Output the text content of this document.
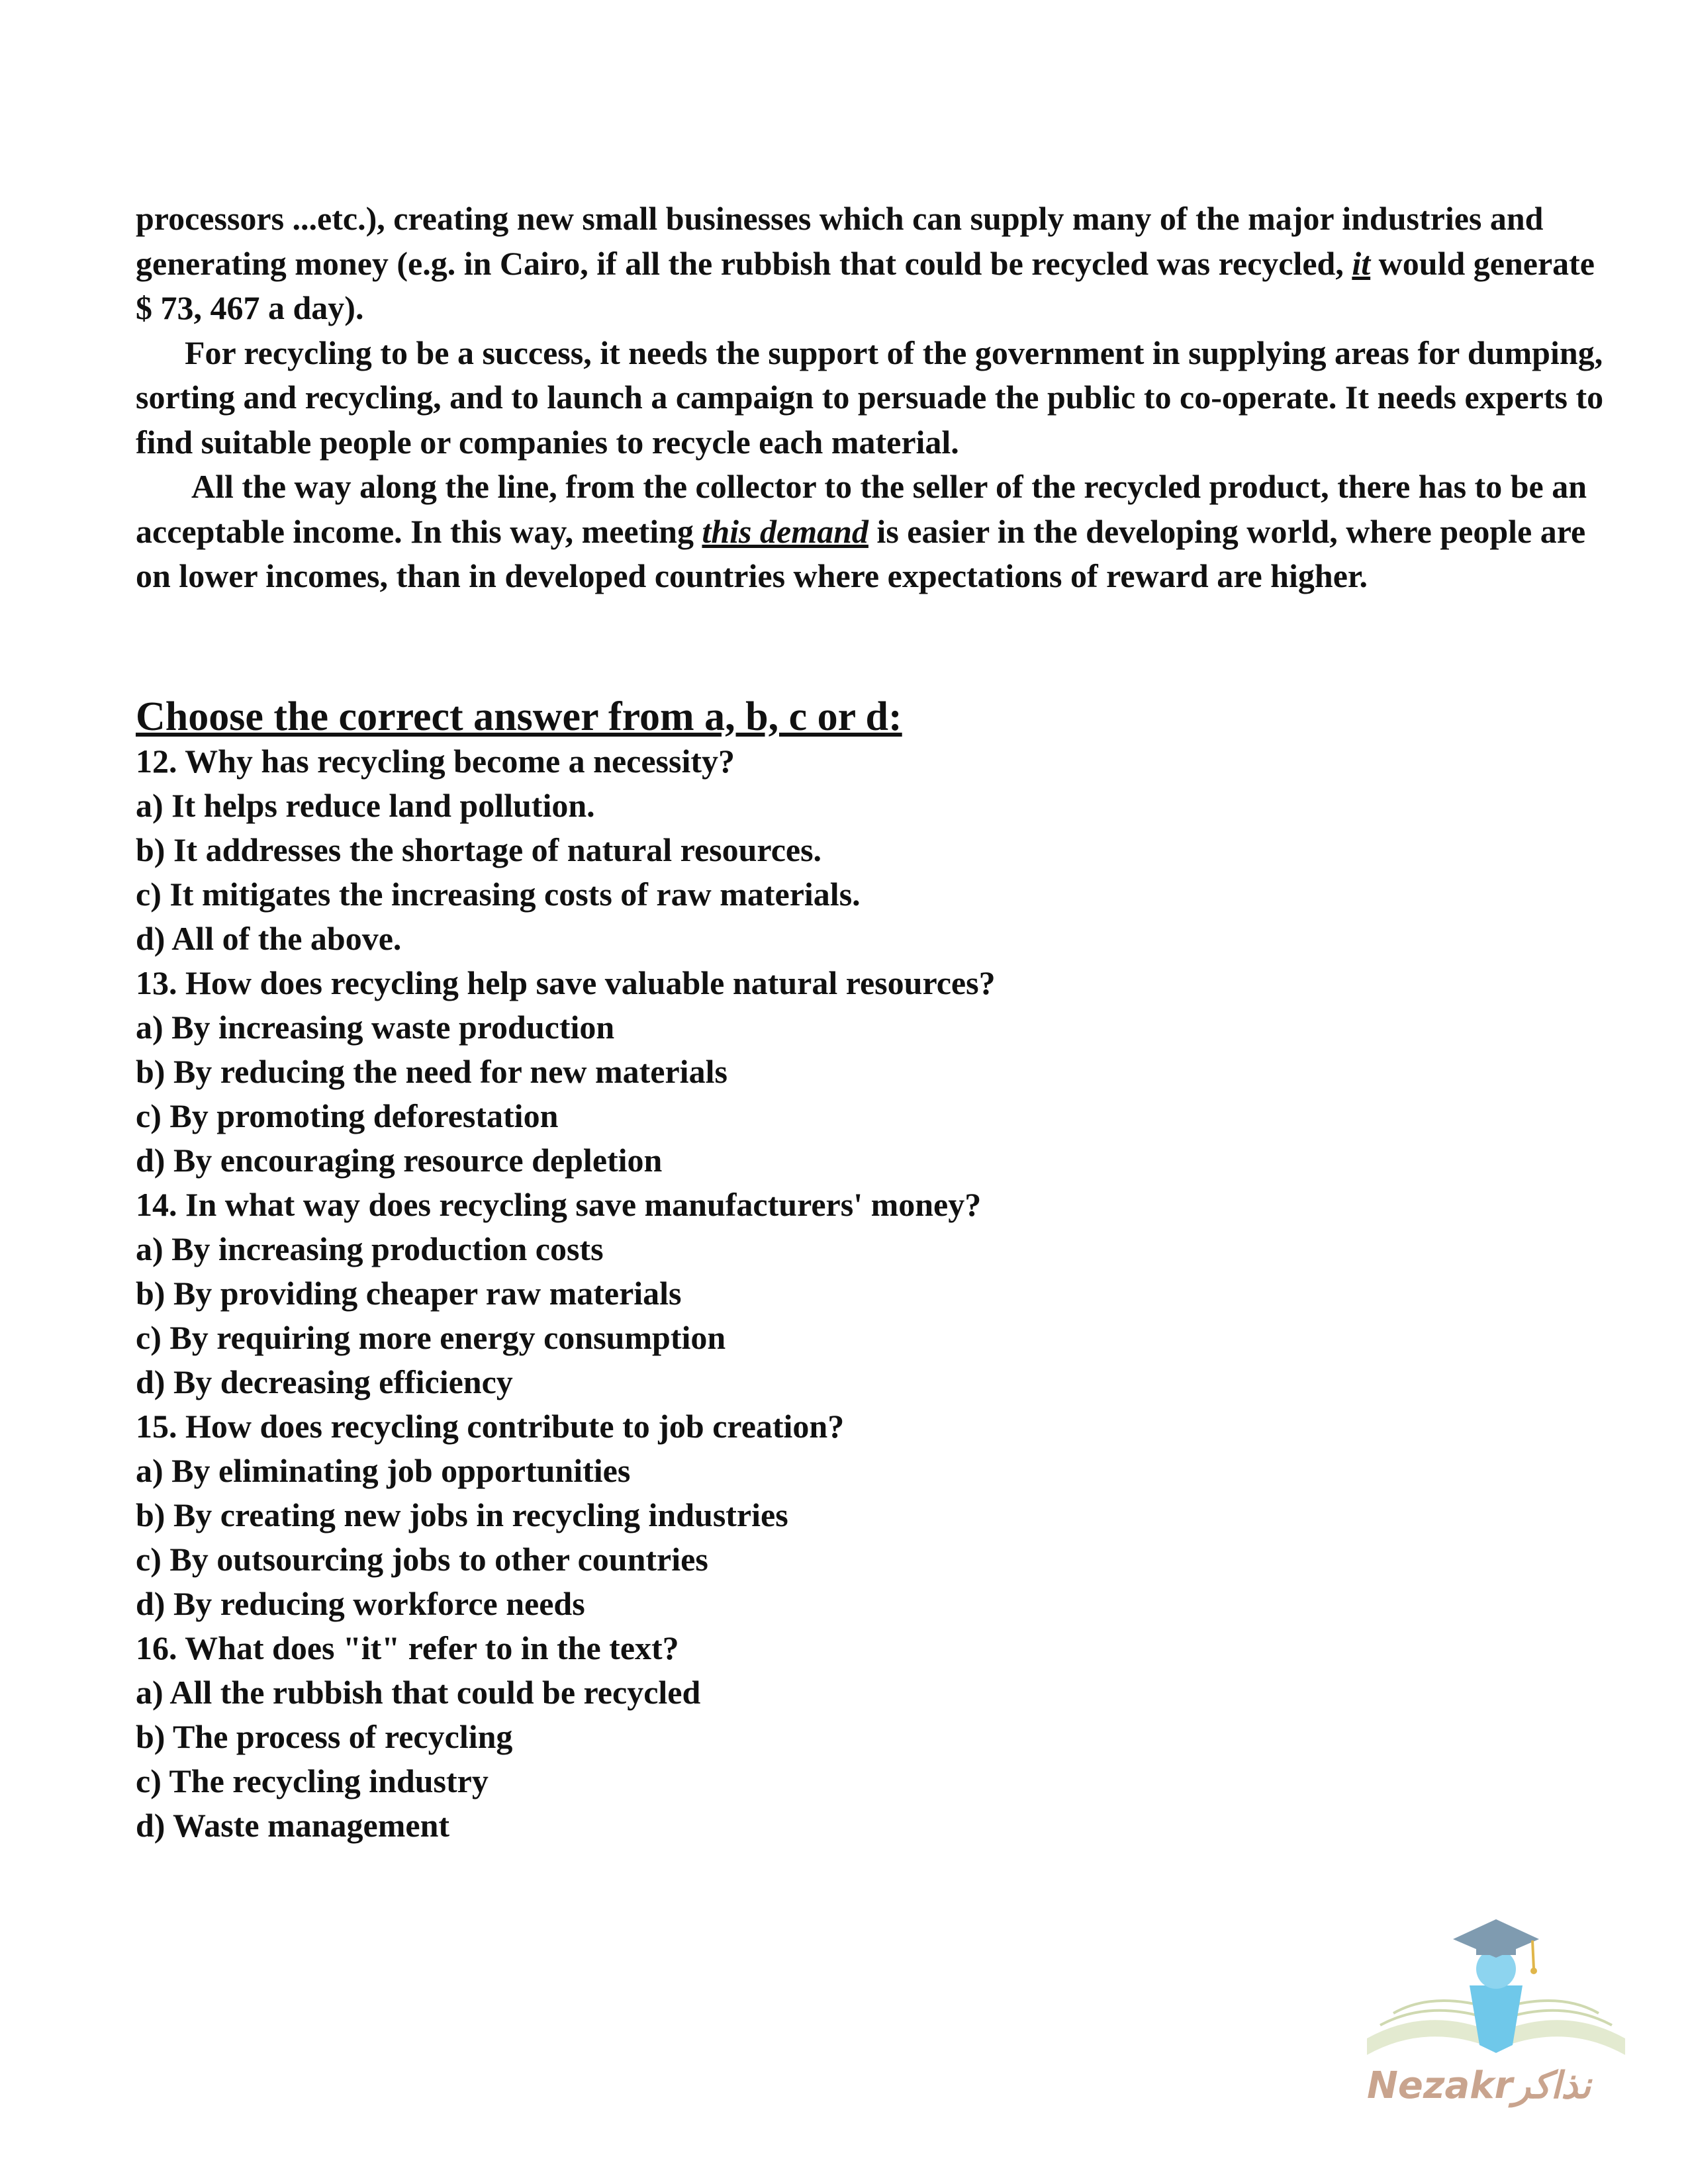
processors ...etc.), creating new small businesses which can supply many of the major industries and generating money (e.g. in Cairo, if all the rubbish that could be recycled was recycled, it would generate $ 73, 467 a day).

For recycling to be a success, it needs the support of the government in supplying areas for dumping, sorting and recycling, and to launch a campaign to persuade the public to co-operate. It needs experts to find suitable people or companies to recycle each material.

All the way along the line, from the collector to the seller of the recycled product, there has to be an acceptable income. In this way, meeting this demand is easier in the developing world, where people are on lower incomes, than in developed countries where expectations of reward are higher.

Choose the correct answer from a, b, c or d:
12. Why has recycling become a necessity?
a) It helps reduce land pollution.
b) It addresses the shortage of natural resources.
c) It mitigates the increasing costs of raw materials.
d) All of the above.
13. How does recycling help save valuable natural resources?
a) By increasing waste production
b) By reducing the need for new materials
c) By promoting deforestation
d) By encouraging resource depletion
14. In what way does recycling save manufacturers' money?
a) By increasing production costs
b) By providing cheaper raw materials
c) By requiring more energy consumption
d) By decreasing efficiency
15. How does recycling contribute to job creation?
a) By eliminating job opportunities
b) By creating new jobs in recycling industries
c) By outsourcing jobs to other countries
d) By reducing workforce needs
16. What does "it" refer to in the text?
a) All the rubbish that could be recycled
b) The process of recycling
c) The recycling industry
d) Waste management
Nezakrنذاكر
